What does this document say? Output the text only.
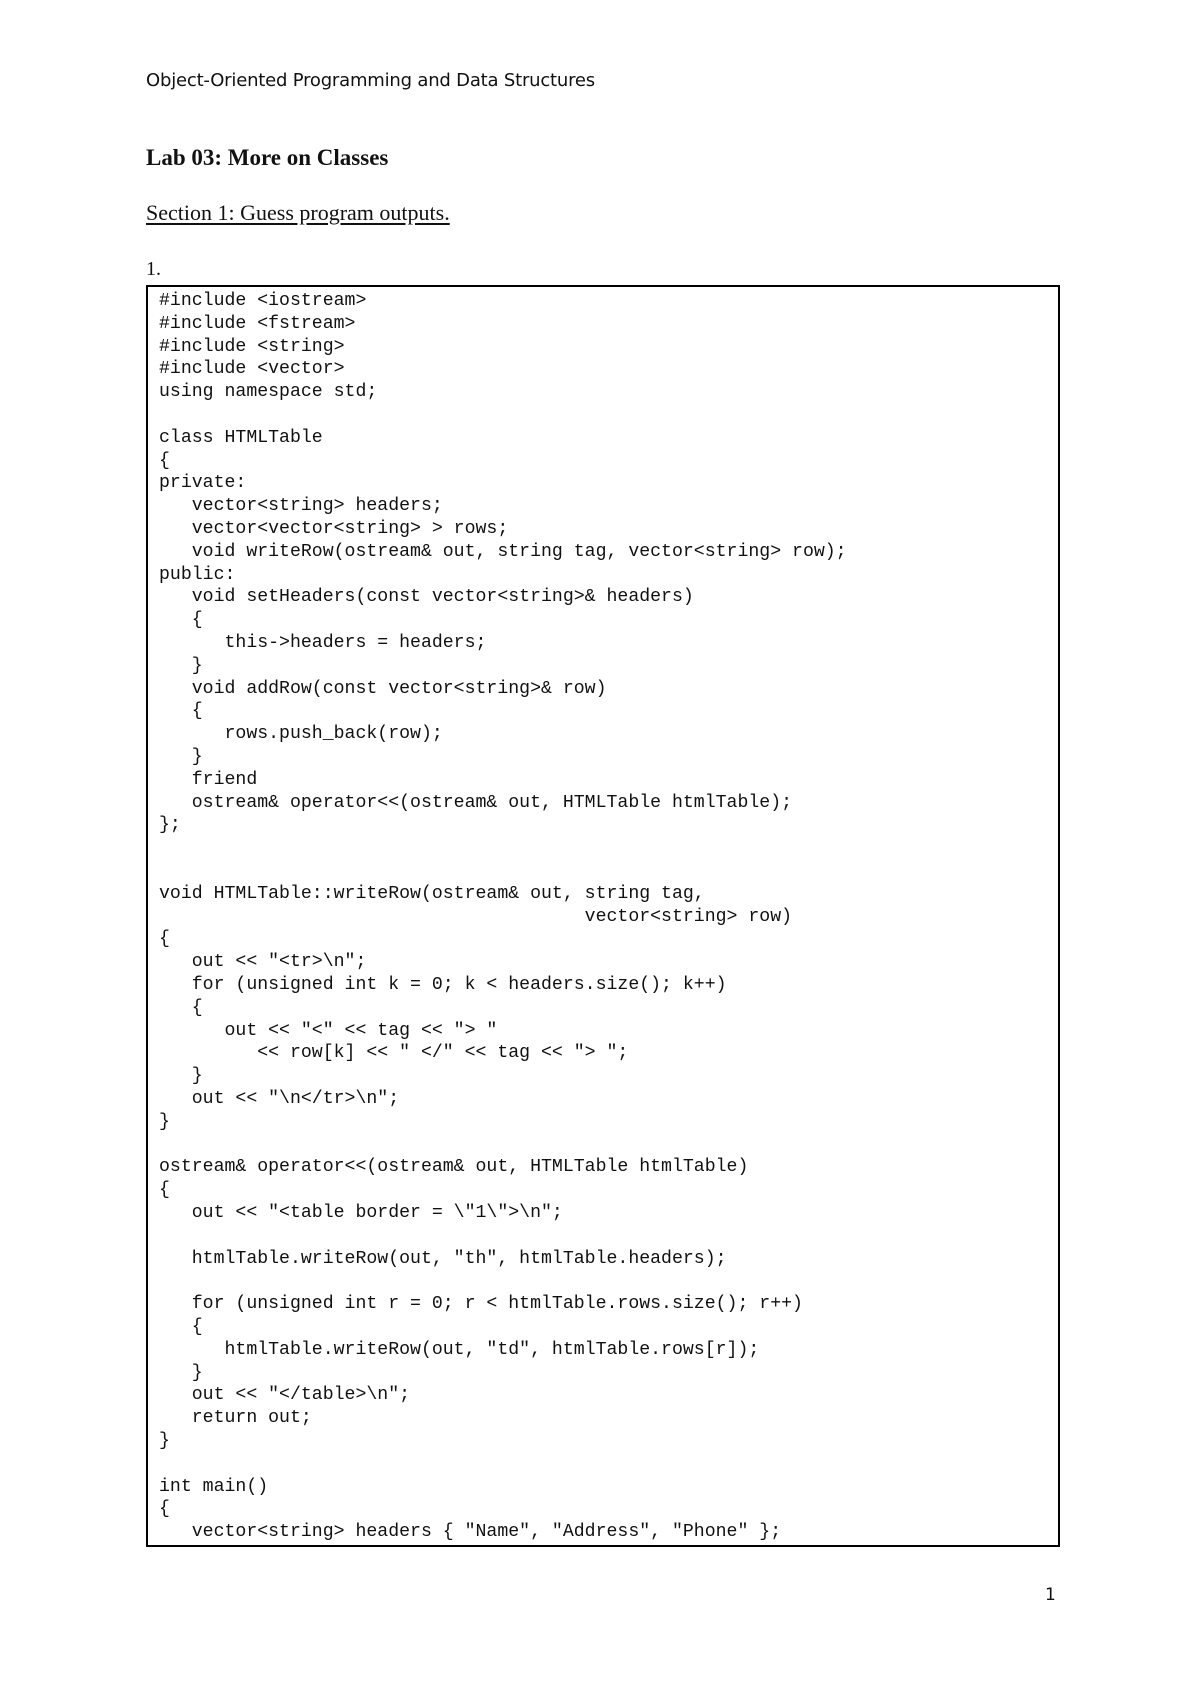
Object-Oriented Programming and Data Structures
Lab 03: More on Classes
Section 1: Guess program outputs.
1.
#include <iostream>
#include <fstream>
#include <string>
#include <vector>
using namespace std;
class HTMLTable
{
private:
vector<string> headers;
vector<vector<string> > rows;
void writeRow(ostream& out, string tag, vector<string> row);
public:
void setHeaders(const vector<string>& headers)
{
this->headers = headers;
}
void addRow(const vector<string>& row)
{
rows.push_back(row);
}
friend
ostream& operator<<(ostream& out, HTMLTable htmlTable);
};
void HTMLTable::writeRow(ostream& out, string tag,
vector<string> row)
{
out << "<tr>\n";
for (unsigned int k = 0; k < headers.size(); k++)
{
out << "<" << tag << "> "
<< row[k] << " </" << tag << "> ";
}
out << "\n</tr>\n";
}
ostream& operator<<(ostream& out, HTMLTable htmlTable)
{
out << "<table border = \"1\">\n";
htmlTable.writeRow(out, "th", htmlTable.headers);
for (unsigned int r = 0; r < htmlTable.rows.size(); r++)
{
htmlTable.writeRow(out, "td", htmlTable.rows[r]);
}
out << "</table>\n";
return out;
}
int main()
{
vector<string> headers { "Name", "Address", "Phone" };
1
